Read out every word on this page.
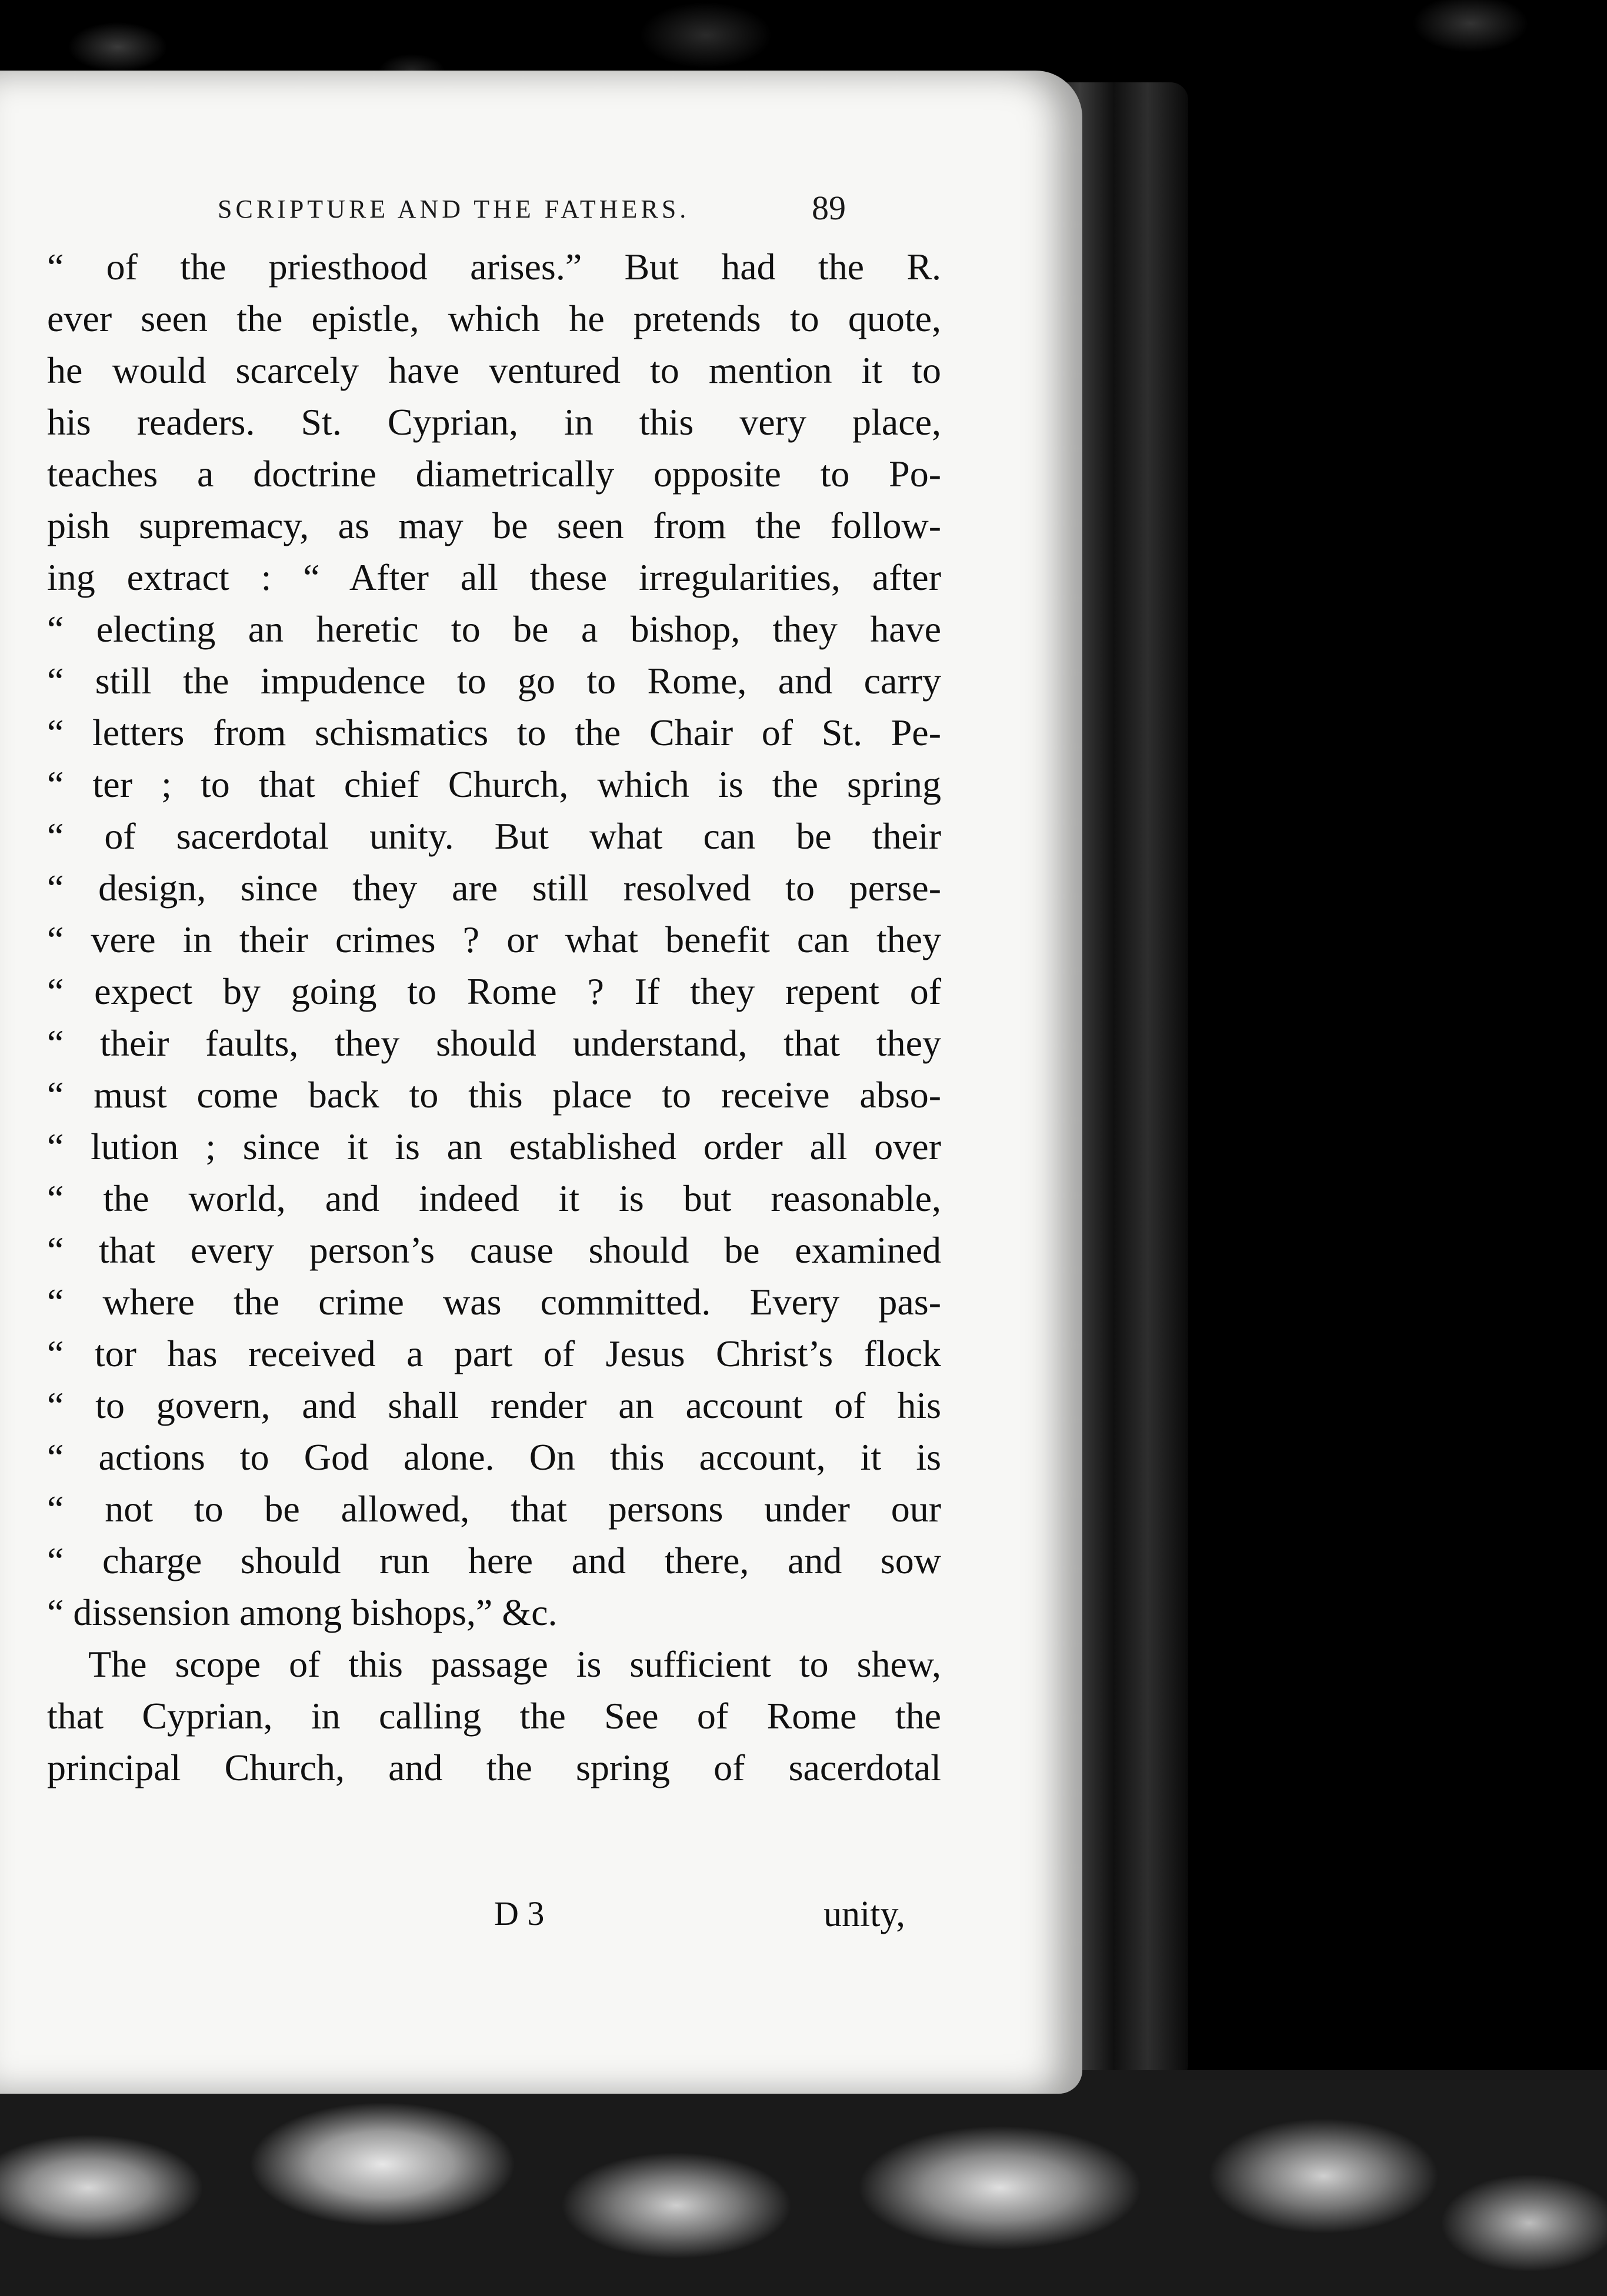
SCRIPTURE AND THE FATHERS.	89
“ of the priesthood arises.” But had the R.
ever seen the epistle, which he pretends to quote,
he would scarcely have ventured to mention it to
his readers. St. Cyprian, in this very place,
teaches a doctrine diametrically opposite to Po-
pish supremacy, as may be seen from the follow-
ing extract : “ After all these irregularities, after
“ electing an heretic to be a bishop, they have
“ still the impudence to go to Rome, and carry
“ letters from schismatics to the Chair of St. Pe-
“ ter ; to that chief Church, which is the spring
“ of sacerdotal unity. But what can be their
“ design, since they are still resolved to perse-
“ vere in their crimes ? or what benefit can they
“ expect by going to Rome ? If they repent of
“ their faults, they should understand, that they
“ must come back to this place to receive abso-
“ lution ; since it is an established order all over
“ the world, and indeed it is but reasonable,
“ that every person’s cause should be examined
“ where the crime was committed. Every pas-
“ tor has received a part of Jesus Christ’s flock
“ to govern, and shall render an account of his
“ actions to God alone. On this account, it is
“ not to be allowed, that persons under our
“ charge should run here and there, and sow
“ dissension among bishops,” &c.
The scope of this passage is sufficient to shew,
that Cyprian, in calling the See of Rome the
principal Church, and the spring of sacerdotal
D 3	unity,
